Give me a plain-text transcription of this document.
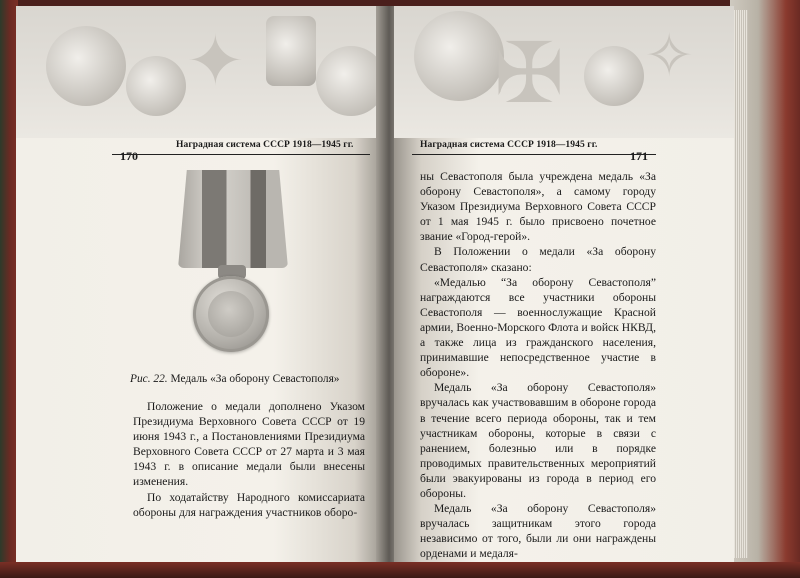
✦
Наградная система СССР 1918—1945 гг.
170
Рис. 22. Медаль «За оборону Севастополя»

Положение о медали дополнено Указом Президиума Верховного Совета СССР от 19 июня 1943 г., а Постановлениями Президиума Верховного Совета СССР от 27 марта и 3 мая 1943 г. в описание медали были внесены изменения.

По ходатайству Народного комиссариата обороны для награждения участников оборо-

✠ ✧
Наградная система СССР 1918—1945 гг.
171

ны Севастополя была учреждена медаль «За оборону Севастополя», а самому городу Указом Президиума Верховного Совета СССР от 1 мая 1945 г. было присвоено почетное звание «Город-герой».

В Положении о медали «За оборону Севастополя» сказано:

«Медалью “За оборону Севастополя” награждаются все участники обороны Севастополя — военнослужащие Красной армии, Военно-Морского Флота и войск НКВД, а также лица из гражданского населения, принимавшие непосредственное участие в обороне».

Медаль «За оборону Севастополя» вручалась как участвовавшим в обороне города в течение всего периода обороны, так и тем участникам обороны, которые в связи с ранением, болезнью или в порядке проводимых правительственных мероприятий были эвакуированы из города в период его обороны.

Медаль «За оборону Севастополя» вручалась защитникам этого города независимо от того, были ли они награждены орденами и медаля-
